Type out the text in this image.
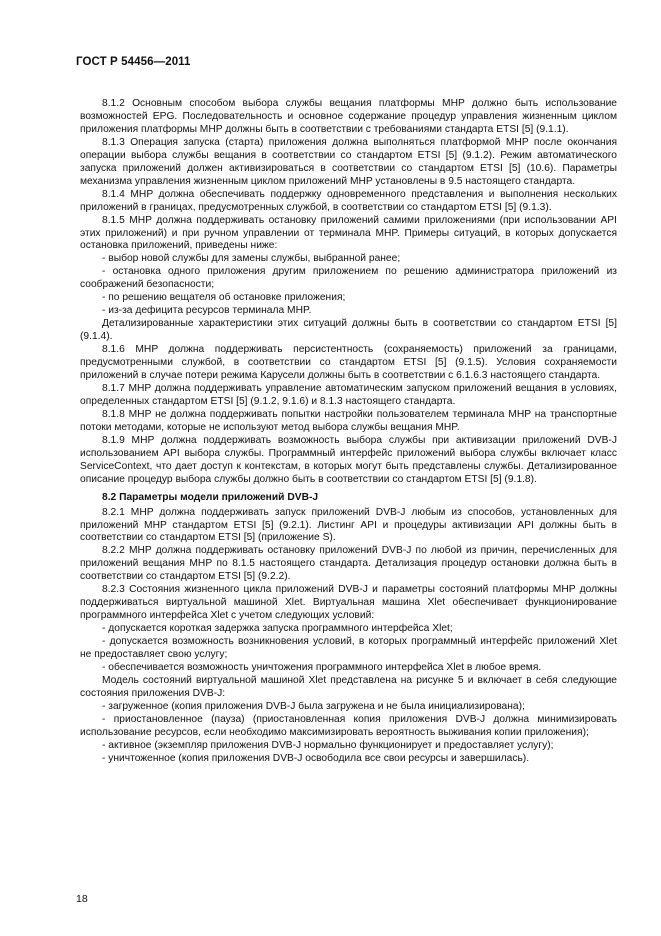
ГОСТ Р 54456—2011

8.1.2 Основным способом выбора службы вещания платформы MHP должно быть использование возможностей EPG. Последовательность и основное содержание процедур управления жизненным циклом приложения платформы MHP должны быть в соответствии с требованиями стандарта ETSI [5] (9.1.1).

8.1.3 Операция запуска (старта) приложения должна выполняться платформой MHP после окончания операции выбора службы вещания в соответствии со стандартом ETSI [5] (9.1.2). Режим автоматического запуска приложений должен активизироваться в соответствии со стандартом ETSI [5] (10.6). Параметры механизма управления жизненным циклом приложений MHP установлены в 9.5 настоящего стандарта.

8.1.4 MHP должна обеспечивать поддержку одновременного представления и выполнения нескольких приложений в границах, предусмотренных службой, в соответствии со стандартом ETSI [5] (9.1.3).

8.1.5 MHP должна поддерживать остановку приложений самими приложениями (при использовании API этих приложений) и при ручном управлении от терминала MHP. Примеры ситуаций, в которых допускается остановка приложений, приведены ниже:

- выбор новой службы для замены службы, выбранной ранее;

- остановка одного приложения другим приложением по решению администратора приложений из соображений безопасности;

- по решению вещателя об остановке приложения;

- из-за дефицита ресурсов терминала MHP.

Детализированные характеристики этих ситуаций должны быть в соответствии со стандартом ETSI [5] (9.1.4).

8.1.6 MHP должна поддерживать персистентность (сохраняемость) приложений за границами, предусмотренными службой, в соответствии со стандартом ETSI [5] (9.1.5). Условия сохраняемости приложений в случае потери режима Карусели должны быть в соответствии с 6.1.6.3 настоящего стандарта.

8.1.7 MHP должна поддерживать управление автоматическим запуском приложений вещания в условиях, определенных стандартом ETSI [5] (9.1.2, 9.1.6) и 8.1.3 настоящего стандарта.

8.1.8 MHP не должна поддерживать попытки настройки пользователем терминала MHP на транспортные потоки методами, которые не используют метод выбора службы вещания MHP.

8.1.9 MHP должна поддерживать возможность выбора службы при активизации приложений DVB-J использованием API выбора службы. Программный интерфейс приложений выбора службы включает класс ServiceContext, что дает доступ к контекстам, в которых могут быть представлены службы. Детализированное описание процедур выбора службы должно быть в соответствии со стандартом ETSI [5] (9.1.8).

8.2 Параметры модели приложений DVB-J

8.2.1 MHP должна поддерживать запуск приложений DVB-J любым из способов, установленных для приложений MHP стандартом ETSI [5] (9.2.1). Листинг API и процедуры активизации API должны быть в соответствии со стандартом ETSI [5] (приложение S).

8.2.2 MHP должна поддерживать остановку приложений DVB-J по любой из причин, перечисленных для приложений вещания MHP по 8.1.5 настоящего стандарта. Детализация процедур остановки должна быть в соответствии со стандартом ETSI [5] (9.2.2).

8.2.3 Состояния жизненного цикла приложений DVB-J и параметры состояний платформы MHP должны поддерживаться виртуальной машиной Xlet. Виртуальная машина Xlet обеспечивает функционирование программного интерфейса Xlet с учетом следующих условий:

- допускается короткая задержка запуска программного интерфейса Xlet;

- допускается возможность возникновения условий, в которых программный интерфейс приложений Xlet не предоставляет свою услугу;

- обеспечивается возможность уничтожения программного интерфейса Xlet в любое время.

Модель состояний виртуальной машиной Xlet представлена на рисунке 5 и включает в себя следующие состояния приложения DVB-J:

- загруженное (копия приложения DVB-J была загружена и не была инициализирована);

- приостановленное (пауза) (приостановленная копия приложения DVB-J должна минимизировать использование ресурсов, если необходимо максимизировать вероятность выживания копии приложения);

- активное (экземпляр приложения DVB-J нормально функционирует и предоставляет услугу);

- уничтоженное (копия приложения DVB-J освободила все свои ресурсы и завершилась).

18
